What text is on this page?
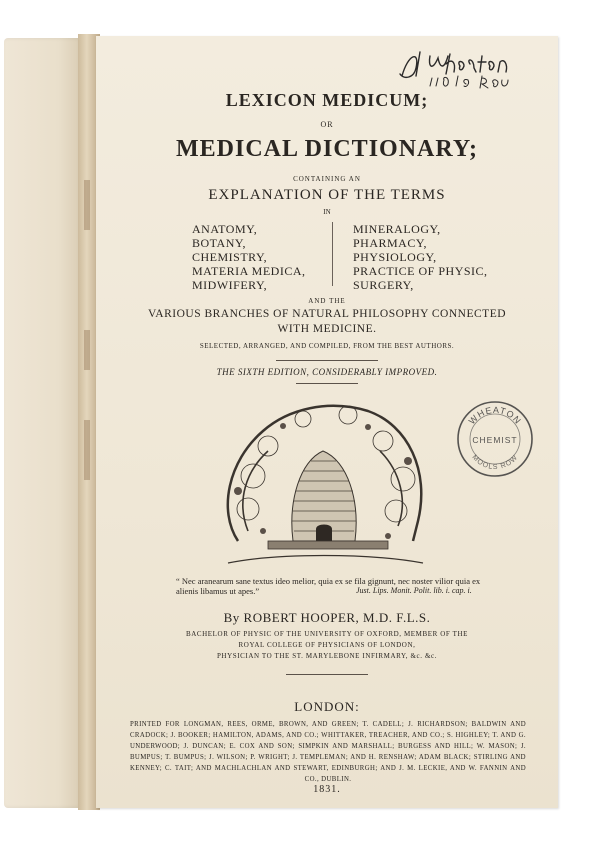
LEXICON MEDICUM;
OR
MEDICAL DICTIONARY;
CONTAINING AN
EXPLANATION OF THE TERMS
IN
ANATOMY,
BOTANY,
CHEMISTRY,
MATERIA MEDICA,
MIDWIFERY,
MINERALOGY,
PHARMACY,
PHYSIOLOGY,
PRACTICE OF PHYSIC,
SURGERY,
AND THE
VARIOUS BRANCHES OF NATURAL PHILOSOPHY CONNECTED
WITH MEDICINE.
SELECTED, ARRANGED, AND COMPILED, FROM THE BEST AUTHORS.
THE SIXTH EDITION, CONSIDERABLY IMPROVED.
“ Nec aranearum sane textus ideo melior, quia ex se fila gignunt, nec noster vilior quia ex alienis libamus ut apes.”	Just. Lips. Monit. Polit. lib. i. cap. i.
By ROBERT HOOPER, M.D. F.L.S.
BACHELOR OF PHYSIC OF THE UNIVERSITY OF OXFORD, MEMBER OF THE
ROYAL COLLEGE OF PHYSICIANS OF LONDON,
PHYSICIAN TO THE ST. MARYLEBONE INFIRMARY, &c. &c.
LONDON:
PRINTED FOR LONGMAN, REES, ORME, BROWN, AND GREEN; T. CADELL; J. RICHARDSON; BALDWIN AND CRADOCK; J. BOOKER; HAMILTON, ADAMS, AND CO.; WHITTAKER, TREACHER, AND CO.; S. HIGHLEY; T. AND G. UNDERWOOD; J. DUNCAN; E. COX AND SON; SIMPKIN AND MARSHALL; BURGESS AND HILL; W. MASON; J. BUMPUS; T. BUMPUS; J. WILSON; P. WRIGHT; J. TEMPLEMAN; AND H. RENSHAW; ADAM BLACK; STIRLING AND KENNEY; C. TAIT; AND MACHLACHLAN AND STEWART, EDINBURGH; AND J. M. LECKIE, AND W. FANNIN AND CO., DUBLIN.
1831.
WHEATON
CHEMIST
MOOLS ROW
